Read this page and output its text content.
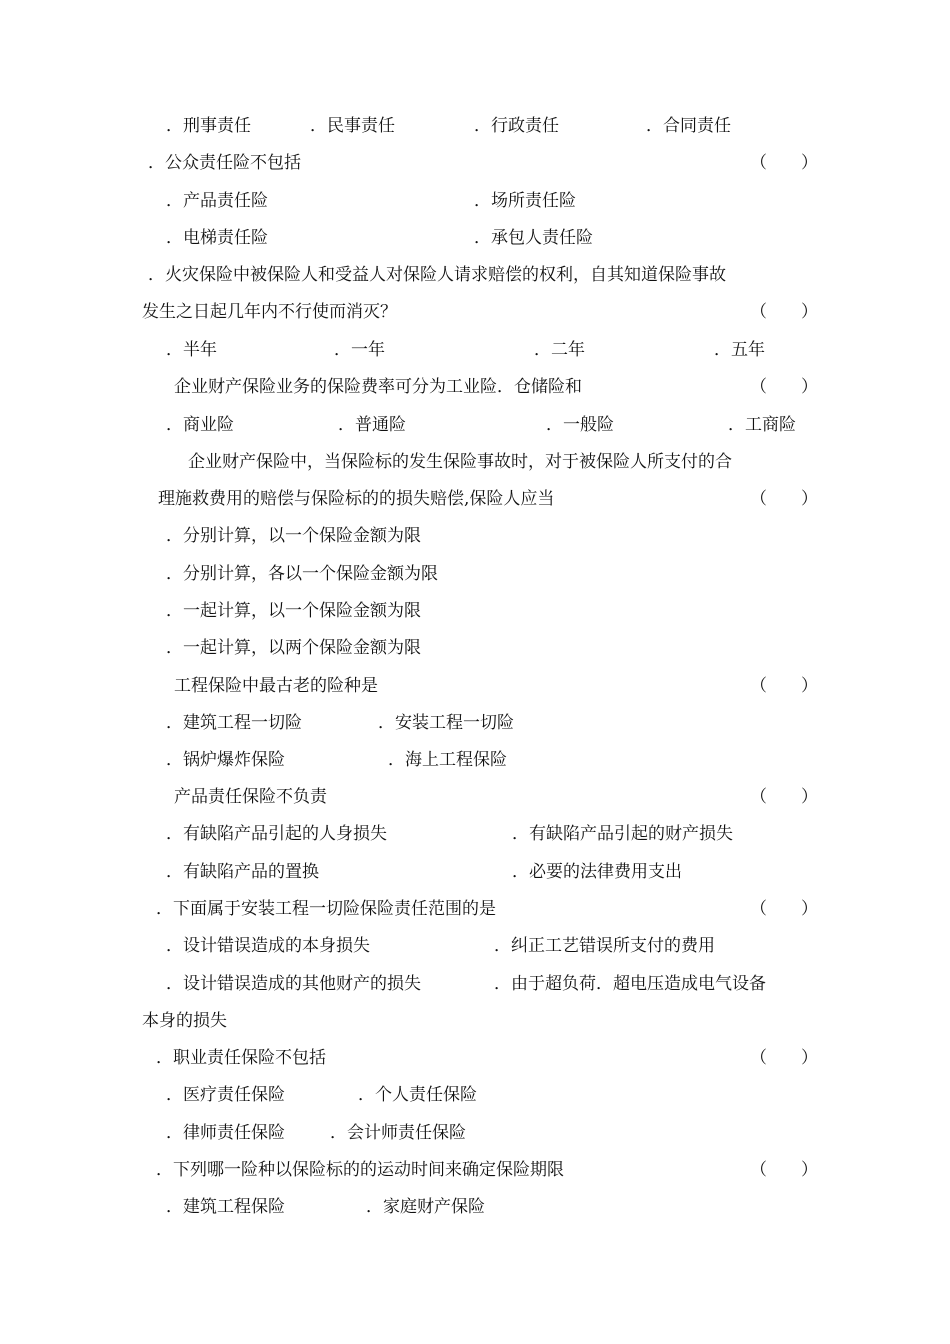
．刑事责任	．民事责任	．行政责任	．合同责任
．公众责任险不包括	（　　）
．产品责任险	．场所责任险
．电梯责任险	．承包人责任险
．火灾保险中被保险人和受益人对保险人请求赔偿的权利，自其知道保险事故
发生之日起几年内不行使而消灭？	（　　）
．半年	．一年	．二年	．五年
企业财产保险业务的保险费率可分为工业险．仓储险和	（　　）
．商业险	．普通险	．一般险	．工商险
企业财产保险中，当保险标的发生保险事故时，对于被保险人所支付的合
理施救费用的赔偿与保险标的的损失赔偿,保险人应当	（　　）
．分别计算，以一个保险金额为限
．分别计算，各以一个保险金额为限
．一起计算，以一个保险金额为限
．一起计算，以两个保险金额为限
工程保险中最古老的险种是	（　　）
．建筑工程一切险	．安装工程一切险
．锅炉爆炸保险	．海上工程保险
产品责任保险不负责	（　　）
．有缺陷产品引起的人身损失	．有缺陷产品引起的财产损失
．有缺陷产品的置换	．必要的法律费用支出
．下面属于安装工程一切险保险责任范围的是	（　　）
．设计错误造成的本身损失	．纠正工艺错误所支付的费用
．设计错误造成的其他财产的损失	．由于超负荷．超电压造成电气设备
本身的损失
．职业责任保险不包括	（　　）
．医疗责任保险	．个人责任保险
．律师责任保险	．会计师责任保险
．下列哪一险种以保险标的的运动时间来确定保险期限	（　　）
．建筑工程保险	．家庭财产保险
